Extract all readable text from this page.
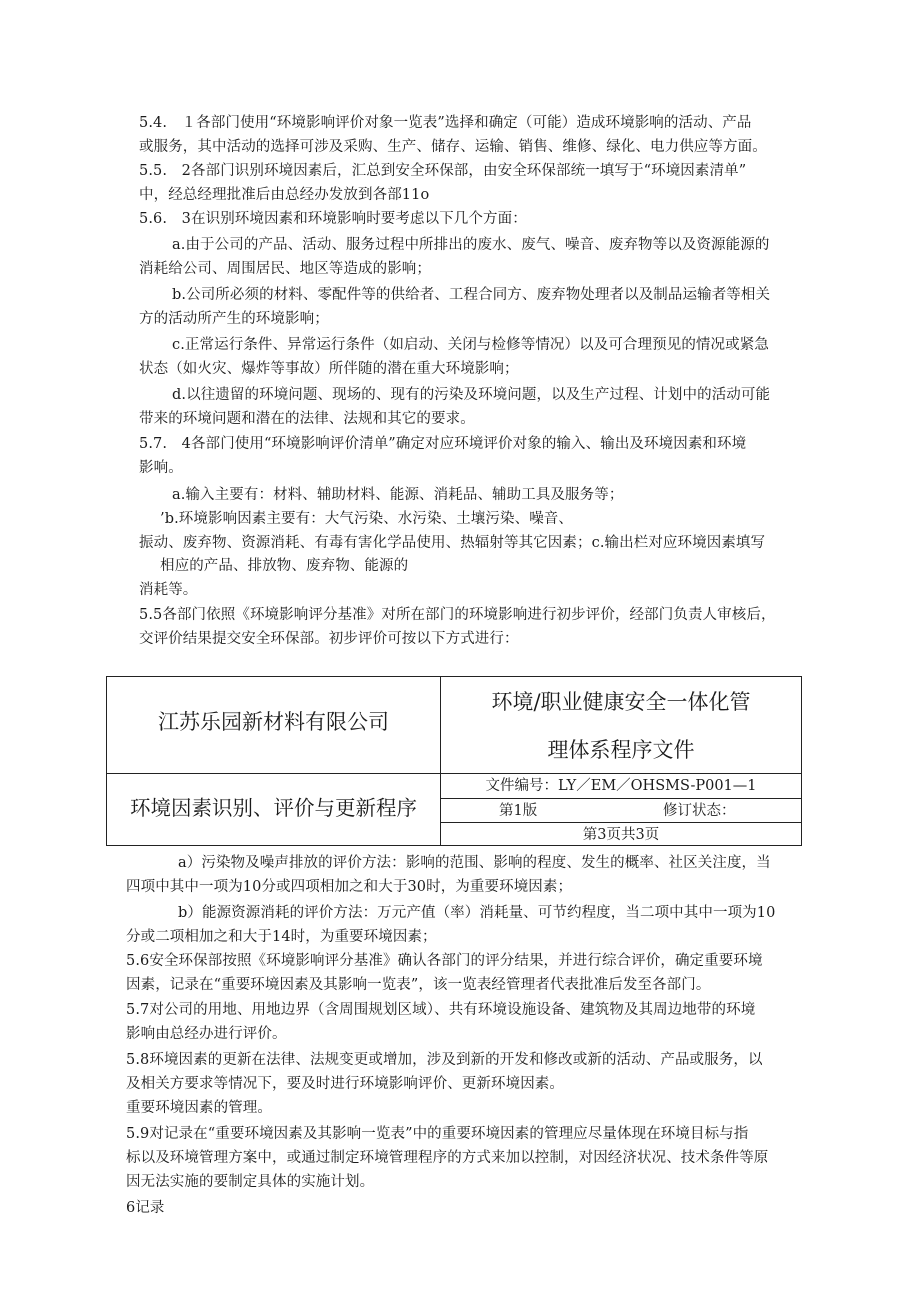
5.4.　１各部门使用“环境影响评价对象一览表”选择和确定（可能）造成环境影响的活动、产品
或服务，其中活动的选择可涉及采购、生产、储存、运输、销售、维修、绿化、电力供应等方面。
5.5.　2各部门识别环境因素后，汇总到安全环保部，由安全环保部统一填写于“环境因素清单”
中，经总经理批准后由总经办发放到各部11o
5.6.　3在识别环境因素和环境影响时要考虑以下几个方面：
a.由于公司的产品、活动、服务过程中所排出的废水、废气、噪音、废弃物等以及资源能源的
消耗给公司、周围居民、地区等造成的影响；
b.公司所必须的材料、零配件等的供给者、工程合同方、废弃物处理者以及制品运输者等相关
方的活动所产生的环境影响；
c.正常运行条件、异常运行条件（如启动、关闭与检修等情况）以及可合理预见的情况或紧急
状态（如火灾、爆炸等事故）所伴随的潜在重大环境影响；
d.以往遗留的环境问题、现场的、现有的污染及环境问题，以及生产过程、计划中的活动可能
带来的环境问题和潜在的法律、法规和其它的要求。
5.7.　4各部门使用“环境影响评价清单”确定对应环境评价对象的输入、输出及环境因素和环境
影响。
a.输入主要有：材料、辅助材料、能源、消耗品、辅助工具及服务等；
’b.环境影响因素主要有：大气污染、水污染、土壤污染、噪音、
振动、废弃物、资源消耗、有毒有害化学品使用、热辐射等其它因素；c.输出栏对应环境因素填写
相应的产品、排放物、废弃物、能源的
消耗等。
5.5各部门依照《环境影响评分基准》对所在部门的环境影响进行初步评价，经部门负责人审核后，
交评价结果提交安全环保部。初步评价可按以下方式进行：
江苏乐园新材料有限公司
环境/职业健康安全一体化管
理体系程序文件
环境因素识别、评价与更新程序
文件编号：LY／EM／OHSMS-P001—1
第1版	修订状态：
第3页共3页
a）污染物及噪声排放的评价方法：影响的范围、影响的程度、发生的概率、社区关注度，当
四项中其中一项为10分或四项相加之和大于30时，为重要环境因素；
b）能源资源消耗的评价方法：万元产值（率）消耗量、可节约程度，当二项中其中一项为10
分或二项相加之和大于14时，为重要环境因素；
5.6安全环保部按照《环境影响评分基准》确认各部门的评分结果，并进行综合评价，确定重要环境
因素，记录在“重要环境因素及其影响一览表”，该一览表经管理者代表批准后发至各部门。
5.7对公司的用地、用地边界（含周围规划区域）、共有环境设施设备、建筑物及其周边地带的环境
影响由总经办进行评价。
5.8环境因素的更新在法律、法规变更或增加，涉及到新的开发和修改或新的活动、产品或服务，以
及相关方要求等情况下，要及时进行环境影响评价、更新环境因素。
重要环境因素的管理。
5.9对记录在“重要环境因素及其影响一览表”中的重要环境因素的管理应尽量体现在环境目标与指
标以及环境管理方案中，或通过制定环境管理程序的方式来加以控制，对因经济状况、技术条件等原
因无法实施的要制定具体的实施计划。
6记录
